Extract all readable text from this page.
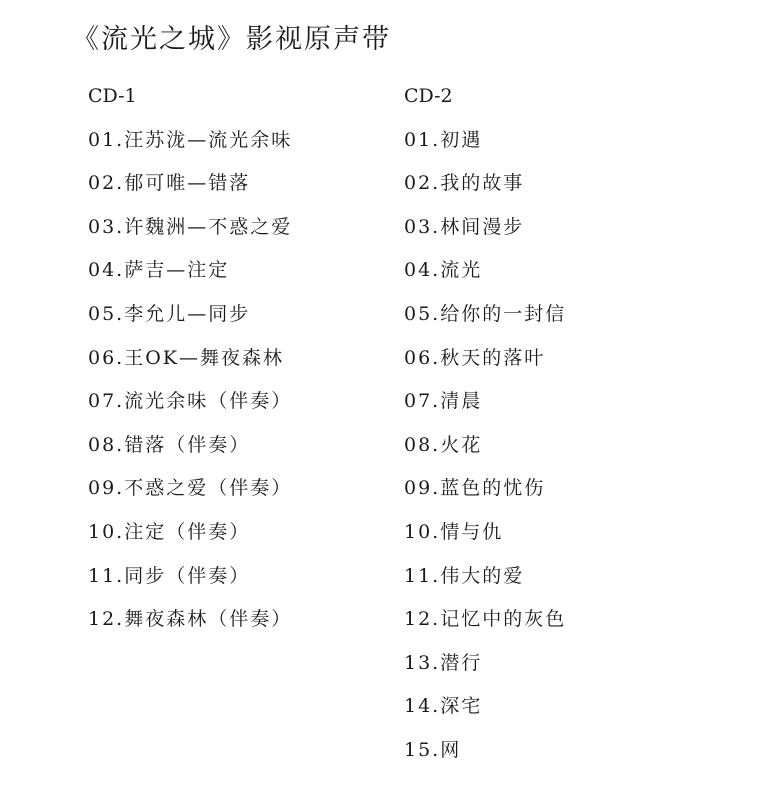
《流光之城》影视原声带
CD-1
01.汪苏泷—流光余味
02.郁可唯—错落
03.许魏洲—不惑之爱
04.萨吉—注定
05.李允儿—同步
06.王OK—舞夜森林
07.流光余味（伴奏）
08.错落（伴奏）
09.不惑之爱（伴奏）
10.注定（伴奏）
11.同步（伴奏）
12.舞夜森林（伴奏）
CD-2
01.初遇
02.我的故事
03.林间漫步
04.流光
05.给你的一封信
06.秋天的落叶
07.清晨
08.火花
09.蓝色的忧伤
10.情与仇
11.伟大的爱
12.记忆中的灰色
13.潜行
14.深宅
15.网
